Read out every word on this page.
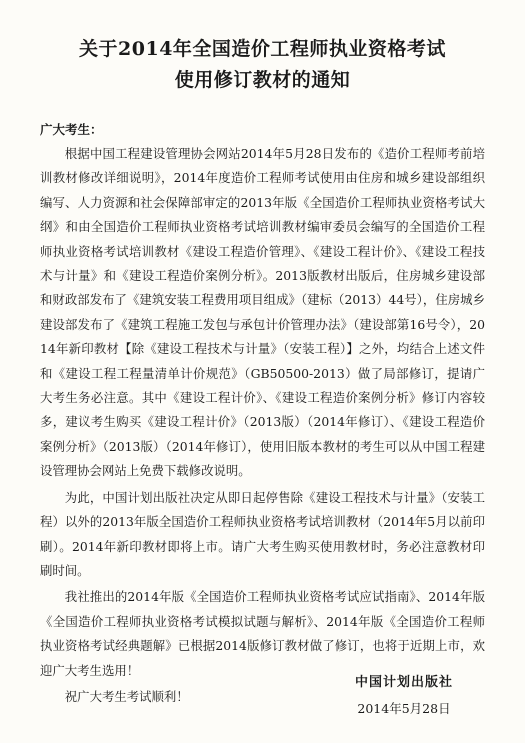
关于2014年全国造价工程师执业资格考试
使用修订教材的通知
广大考生：

根据中国工程建设管理协会网站2014年5月28日发布的《造价工程师考前培训教材修改详细说明》，2014年度造价工程师考试使用由住房和城乡建设部组织编写、人力资源和社会保障部审定的2013年版《全国造价工程师执业资格考试大纲》和由全国造价工程师执业资格考试培训教材编审委员会编写的全国造价工程师执业资格考试培训教材《建设工程造价管理》、《建设工程计价》、《建设工程技术与计量》和《建设工程造价案例分析》。2013版教材出版后，住房城乡建设部和财政部发布了《建筑安装工程费用项目组成》（建标（2013）44号），住房城乡建设部发布了《建筑工程施工发包与承包计价管理办法》（建设部第16号令），2014年新印教材【除《建设工程技术与计量》（安装工程）】之外，均结合上述文件和《建设工程工程量清单计价规范》（GB50500-2013）做了局部修订，提请广大考生务必注意。其中《建设工程计价》、《建设工程造价案例分析》修订内容较多，建议考生购买《建设工程计价》（2013版）（2014年修订）、《建设工程造价案例分析》（2013版）（2014年修订），使用旧版本教材的考生可以从中国工程建设管理协会网站上免费下载修改说明。

为此，中国计划出版社决定从即日起停售除《建设工程技术与计量》（安装工程）以外的2013年版全国造价工程师执业资格考试培训教材（2014年5月以前印刷）。2014年新印教材即将上市。请广大考生购买使用教材时，务必注意教材印刷时间。

我社推出的2014年版《全国造价工程师执业资格考试应试指南》、2014年版《全国造价工程师执业资格考试模拟试题与解析》、2014年版《全国造价工程师执业资格考试经典题解》已根据2014版修订教材做了修订，也将于近期上市，欢迎广大考生选用！

祝广大考生考试顺利！

中国计划出版社
2014年5月28日
